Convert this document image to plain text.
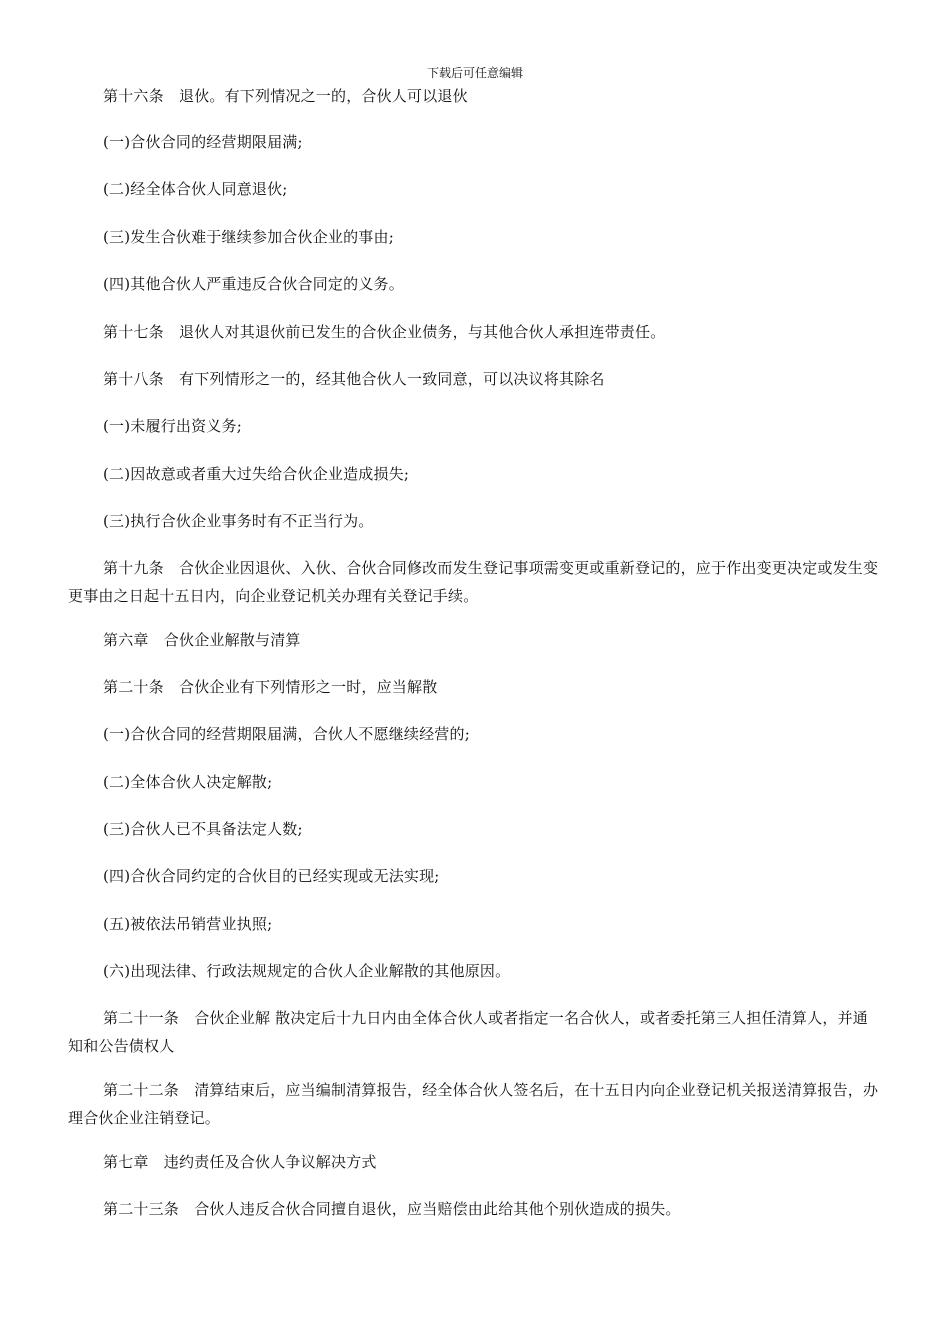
下载后可任意编辑

第十六条　退伙。有下列情况之一的，合伙人可以退伙

(一)合伙合同的经营期限届满;

(二)经全体合伙人同意退伙;

(三)发生合伙难于继续参加合伙企业的事由;

(四)其他合伙人严重违反合伙合同定的义务。

第十七条　退伙人对其退伙前已发生的合伙企业债务，与其他合伙人承担连带责任。

第十八条　有下列情形之一的，经其他合伙人一致同意，可以决议将其除名

(一)未履行出资义务;

(二)因故意或者重大过失给合伙企业造成损失;

(三)执行合伙企业事务时有不正当行为。

第十九条　合伙企业因退伙、入伙、合伙合同修改而发生登记事项需变更或重新登记的，应于作出变更决定或发生变更事由之日起十五日内，向企业登记机关办理有关登记手续。

第六章　合伙企业解散与清算

第二十条　合伙企业有下列情形之一时，应当解散

(一)合伙合同的经营期限届满，合伙人不愿继续经营的;

(二)全体合伙人决定解散;

(三)合伙人已不具备法定人数;

(四)合伙合同约定的合伙目的已经实现或无法实现;

(五)被依法吊销营业执照;

(六)出现法律、行政法规规定的合伙人企业解散的其他原因。

第二十一条　合伙企业解 散决定后十九日内由全体合伙人或者指定一名合伙人，或者委托第三人担任清算人，并通知和公告债权人

第二十二条　清算结束后，应当编制清算报告，经全体合伙人签名后，在十五日内向企业登记机关报送清算报告，办理合伙企业注销登记。

第七章　违约责任及合伙人争议解决方式

第二十三条　合伙人违反合伙合同擅自退伙，应当赔偿由此给其他个别伙造成的损失。
